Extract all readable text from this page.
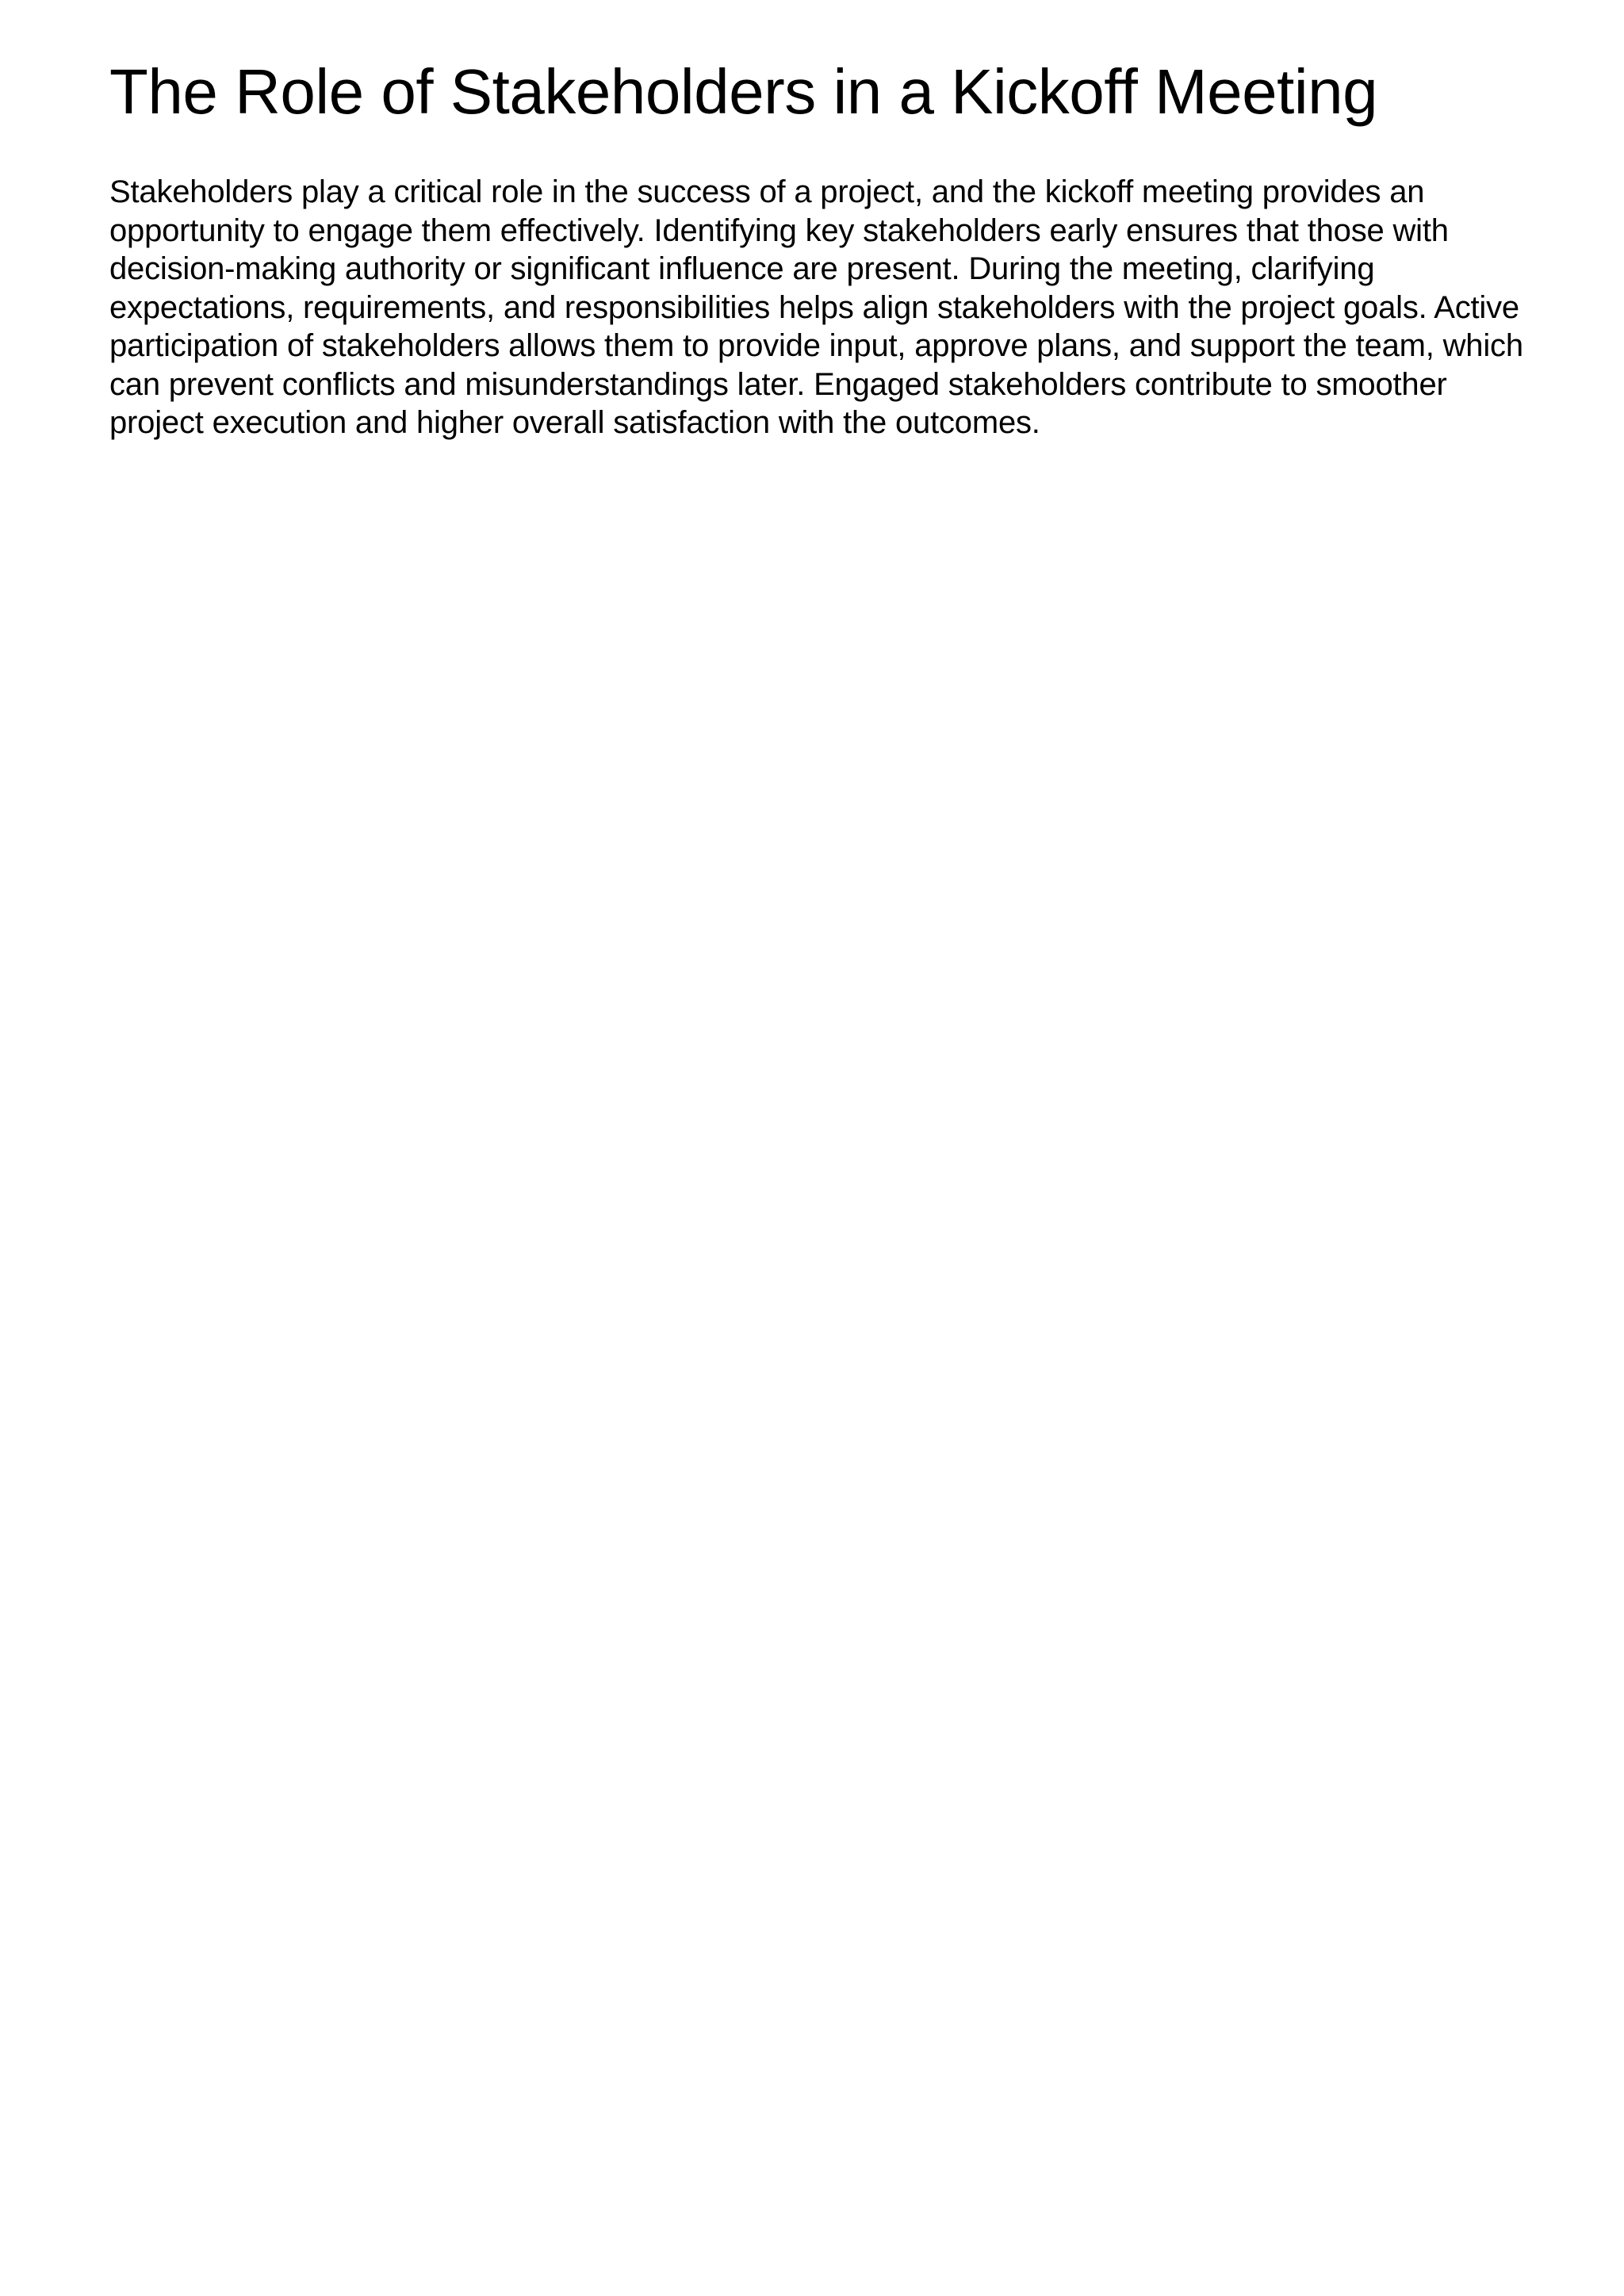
The Role of Stakeholders in a Kickoff Meeting

Stakeholders play a critical role in the success of a project, and the kickoff meeting provides an opportunity to engage them effectively. Identifying key stakeholders early ensures that those with decision-making authority or significant influence are present. During the meeting, clarifying expectations, requirements, and responsibilities helps align stakeholders with the project goals. Active participation of stakeholders allows them to provide input, approve plans, and support the team, which can prevent conflicts and misunderstandings later. Engaged stakeholders contribute to smoother project execution and higher overall satisfaction with the outcomes.
